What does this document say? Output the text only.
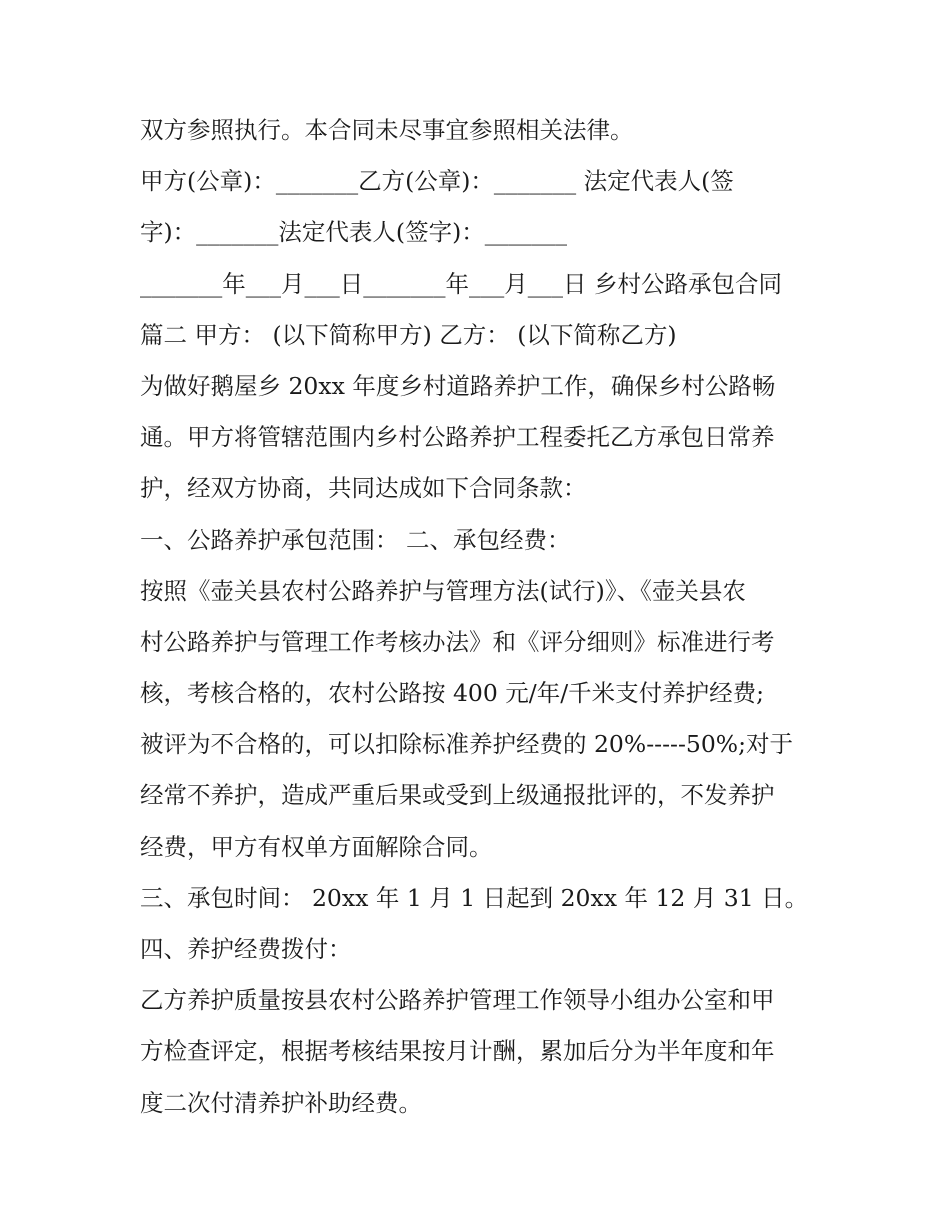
双方参照执行。本合同未尽事宜参照相关法律。
甲方(公章)：_______乙方(公章)：_______ 法定代表人(签
字)：_______法定代表人(签字)：_______
_______年___月___日_______年___月___日 乡村公路承包合同
篇二 甲方： (以下简称甲方) 乙方： (以下简称乙方)
为做好鹅屋乡 20xx 年度乡村道路养护工作，确保乡村公路畅
通。甲方将管辖范围内乡村公路养护工程委托乙方承包日常养
护，经双方协商，共同达成如下合同条款：
一、公路养护承包范围： 二、承包经费：
按照《壶关县农村公路养护与管理方法(试行)》、《壶关县农
村公路养护与管理工作考核办法》和《评分细则》标准进行考
核，考核合格的，农村公路按 400 元/年/千米支付养护经费;
被评为不合格的，可以扣除标准养护经费的 20%-----50%;对于
经常不养护，造成严重后果或受到上级通报批评的，不发养护
经费，甲方有权单方面解除合同。
三、承包时间： 20xx 年 1 月 1 日起到 20xx 年 12 月 31 日。
四、养护经费拨付：
乙方养护质量按县农村公路养护管理工作领导小组办公室和甲
方检查评定，根据考核结果按月计酬，累加后分为半年度和年
度二次付清养护补助经费。
